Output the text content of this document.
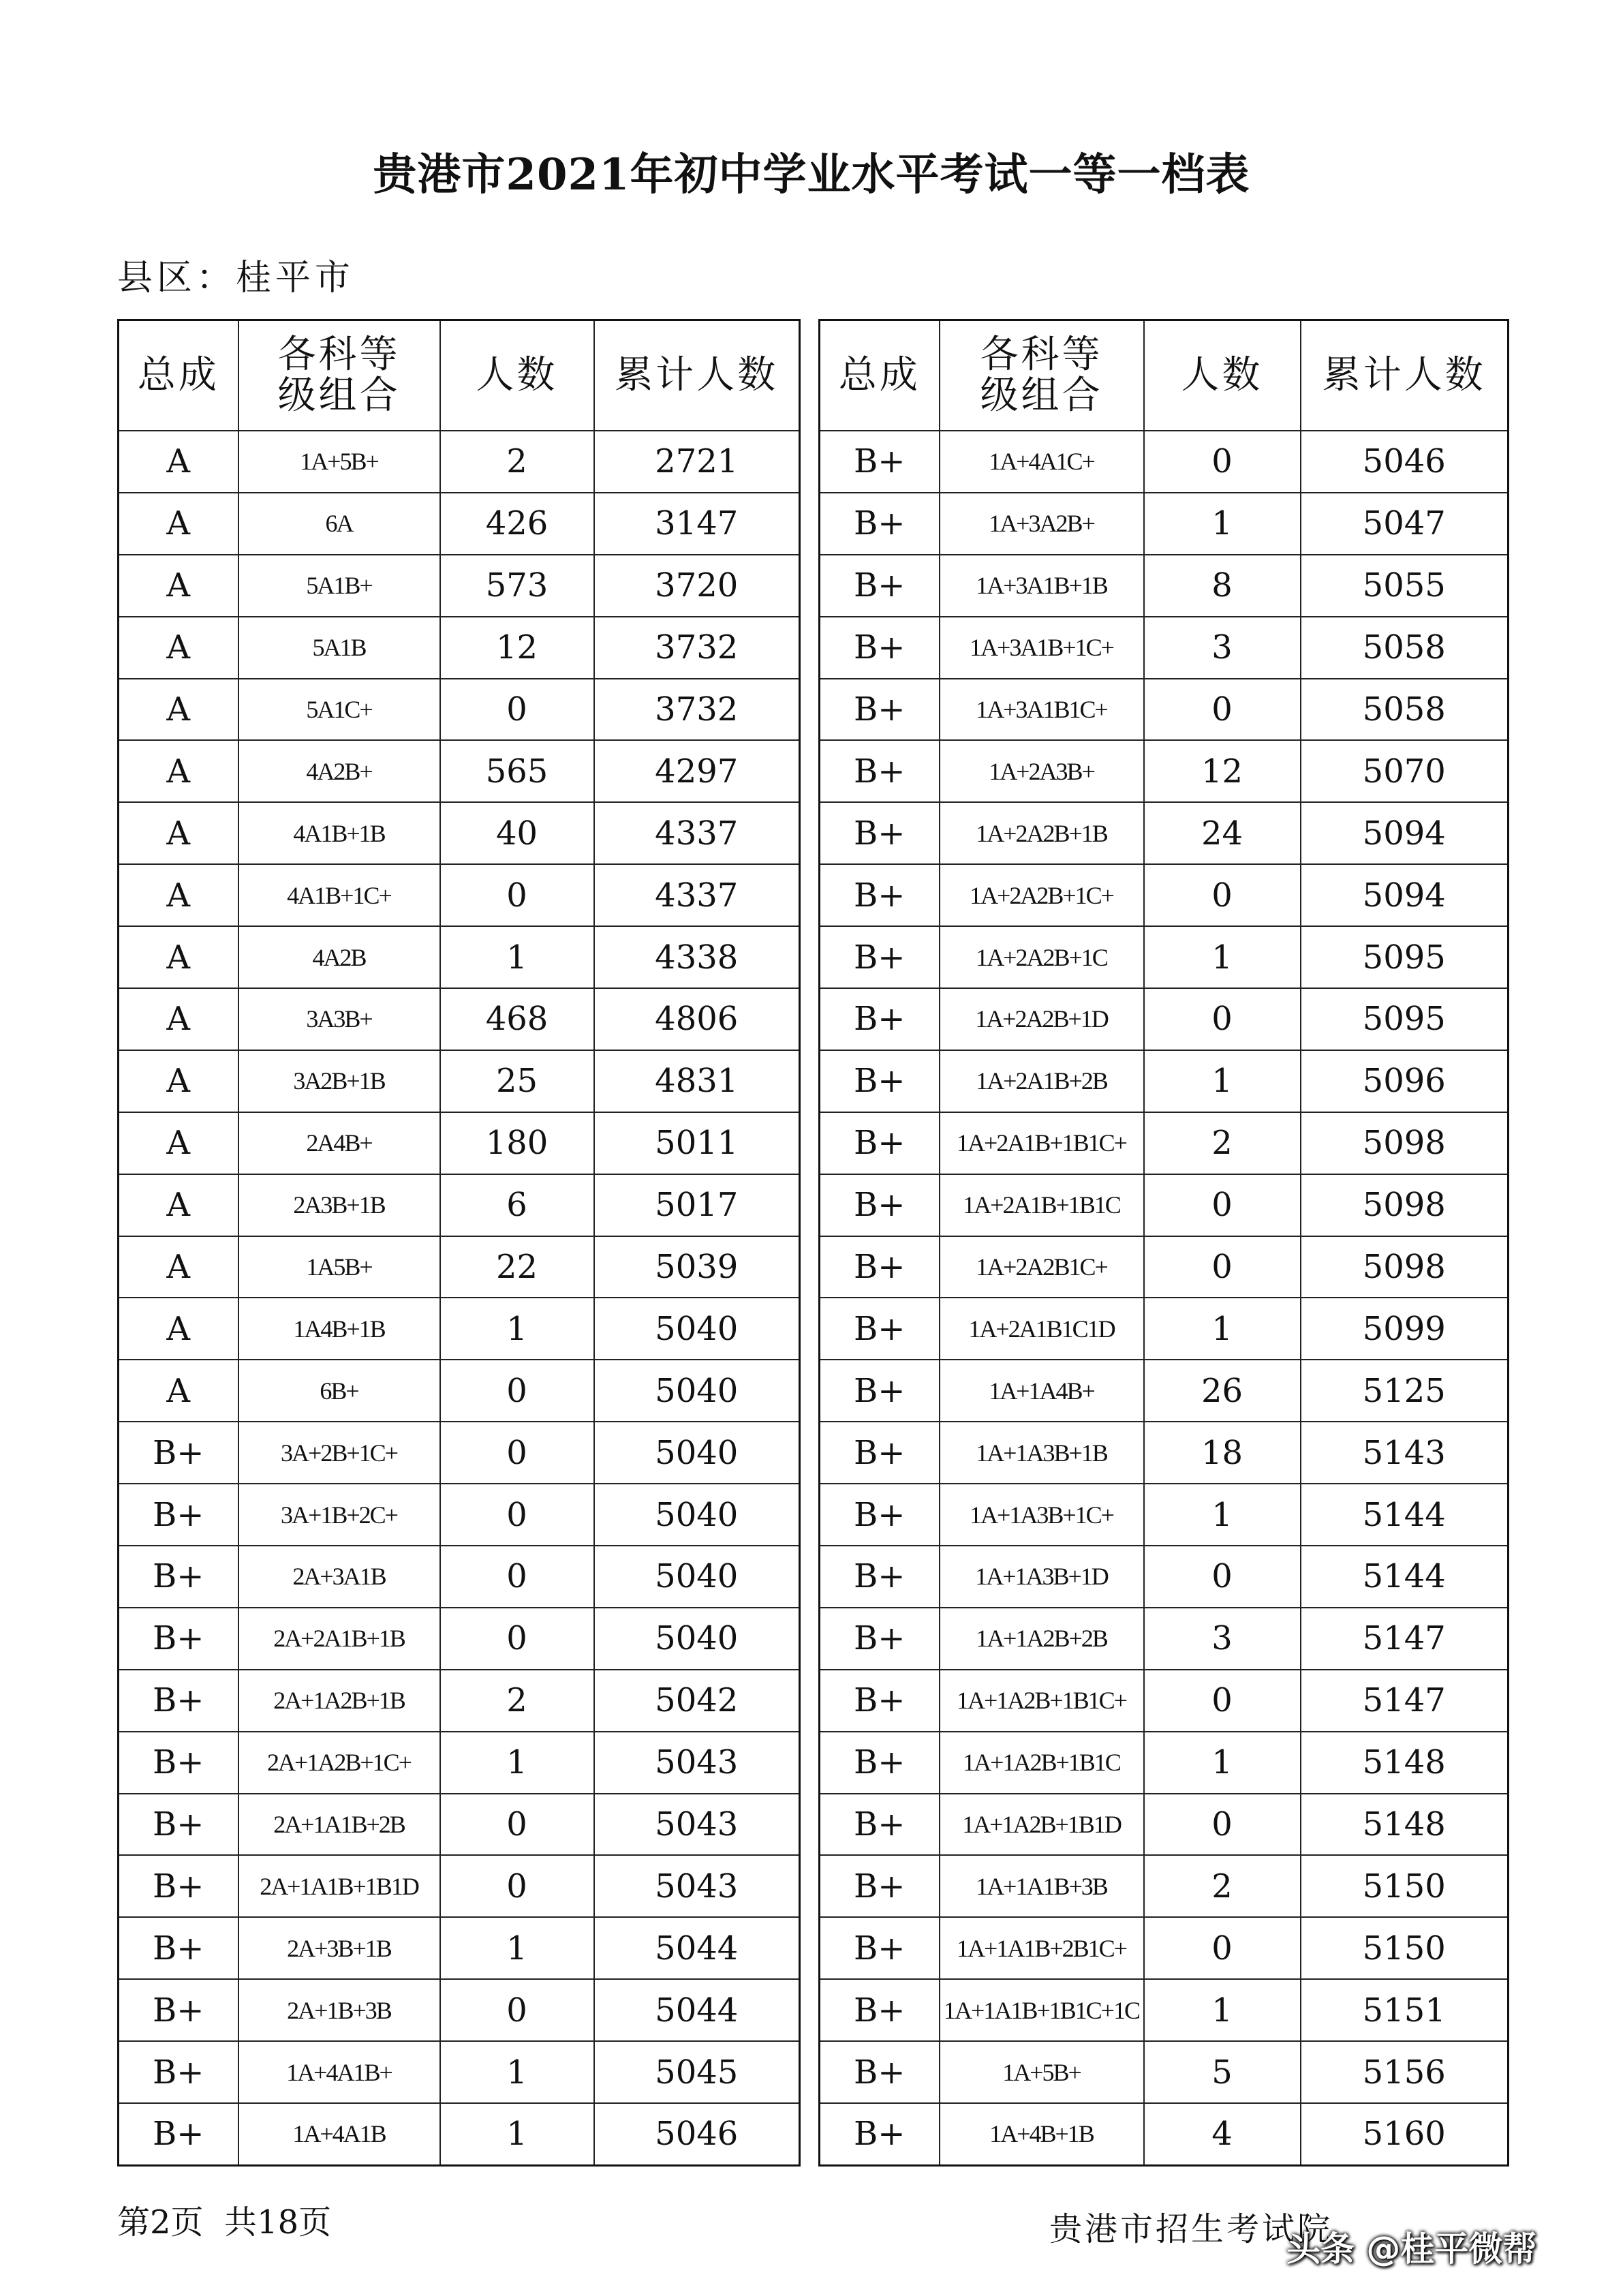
贵港市2021年初中学业水平考试一等一档表
县区：桂平市
总成	各科等级组合	人数	累计人数
A	1A+5B+	2	2721
A	6A	426	3147
A	5A1B+	573	3720
A	5A1B	12	3732
A	5A1C+	0	3732
A	4A2B+	565	4297
A	4A1B+1B	40	4337
A	4A1B+1C+	0	4337
A	4A2B	1	4338
A	3A3B+	468	4806
A	3A2B+1B	25	4831
A	2A4B+	180	5011
A	2A3B+1B	6	5017
A	1A5B+	22	5039
A	1A4B+1B	1	5040
A	6B+	0	5040
B+	3A+2B+1C+	0	5040
B+	3A+1B+2C+	0	5040
B+	2A+3A1B	0	5040
B+	2A+2A1B+1B	0	5040
B+	2A+1A2B+1B	2	5042
B+	2A+1A2B+1C+	1	5043
B+	2A+1A1B+2B	0	5043
B+	2A+1A1B+1B1D	0	5043
B+	2A+3B+1B	1	5044
B+	2A+1B+3B	0	5044
B+	1A+4A1B+	1	5045
B+	1A+4A1B	1	5046
总成	各科等级组合	人数	累计人数
B+	1A+4A1C+	0	5046
B+	1A+3A2B+	1	5047
B+	1A+3A1B+1B	8	5055
B+	1A+3A1B+1C+	3	5058
B+	1A+3A1B1C+	0	5058
B+	1A+2A3B+	12	5070
B+	1A+2A2B+1B	24	5094
B+	1A+2A2B+1C+	0	5094
B+	1A+2A2B+1C	1	5095
B+	1A+2A2B+1D	0	5095
B+	1A+2A1B+2B	1	5096
B+	1A+2A1B+1B1C+	2	5098
B+	1A+2A1B+1B1C	0	5098
B+	1A+2A2B1C+	0	5098
B+	1A+2A1B1C1D	1	5099
B+	1A+1A4B+	26	5125
B+	1A+1A3B+1B	18	5143
B+	1A+1A3B+1C+	1	5144
B+	1A+1A3B+1D	0	5144
B+	1A+1A2B+2B	3	5147
B+	1A+1A2B+1B1C+	0	5147
B+	1A+1A2B+1B1C	1	5148
B+	1A+1A2B+1B1D	0	5148
B+	1A+1A1B+3B	2	5150
B+	1A+1A1B+2B1C+	0	5150
B+	1A+1A1B+1B1C+1C	1	5151
B+	1A+5B+	5	5156
B+	1A+4B+1B	4	5160
第2页  共18页	贵港市招生考试院
头条 @桂平微帮
